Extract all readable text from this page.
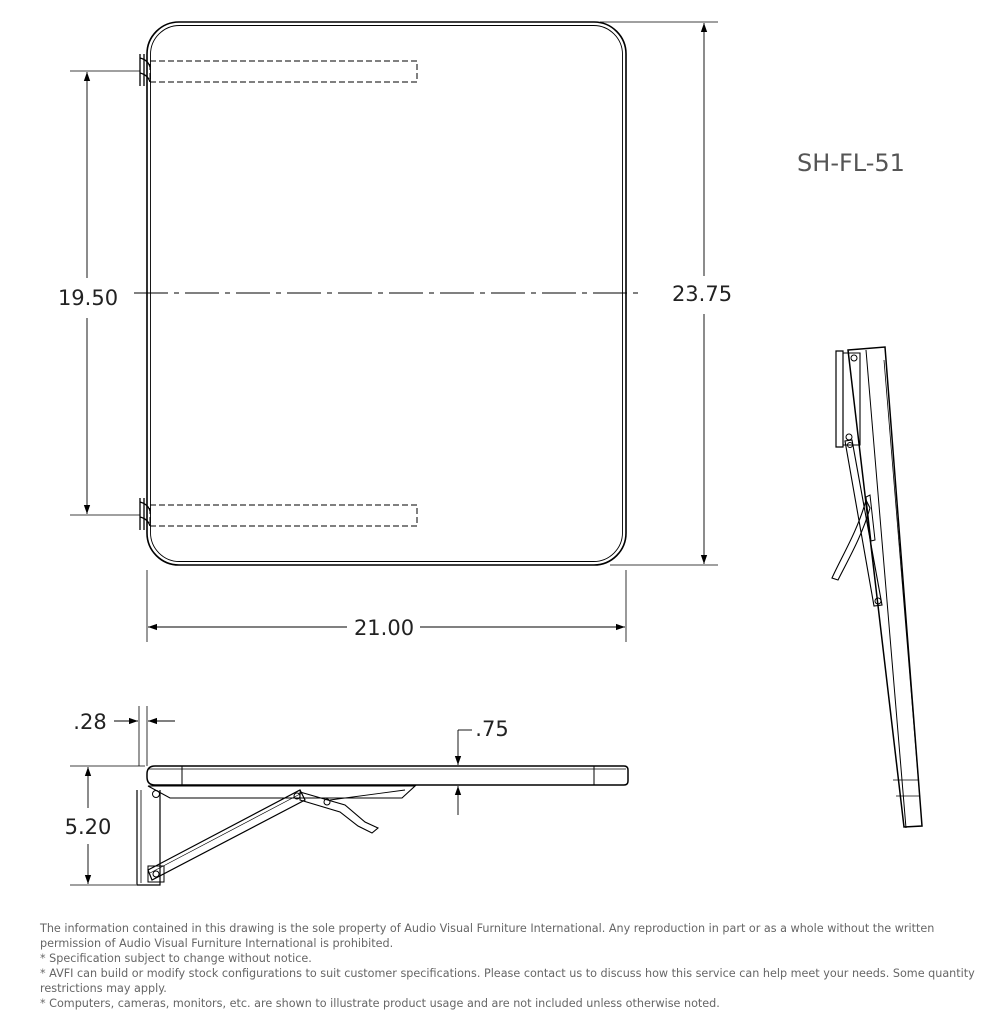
19.50	23.75
21.00
SH-FL-51
.28	.75
5.20

The information contained in this drawing is the sole property of Audio Visual Furniture International. Any reproduction in part or as a whole without the written permission of Audio Visual Furniture International is prohibited.

* Specification subject to change without notice.

* AVFI can build or modify stock configurations to suit customer specifications. Please contact us to discuss how this service can help meet your needs. Some quantity restrictions may apply.

* Computers, cameras, monitors, etc. are shown to illustrate product usage and are not included unless otherwise noted.
